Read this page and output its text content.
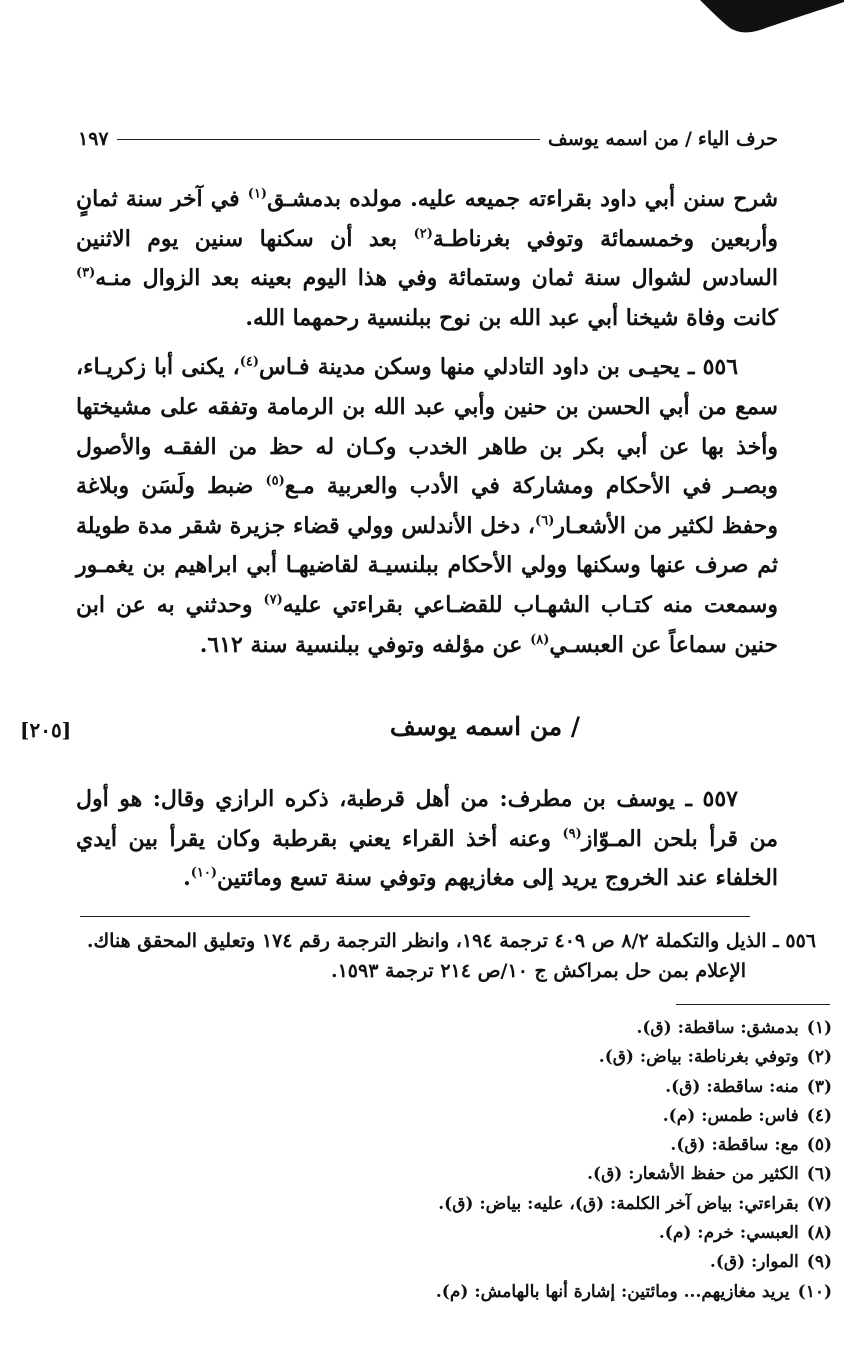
حرف الياء
/
من اسمه يوسف
١٩٧

شرح سنن أبي داود بقراءته جميعه عليه. مولده بدمشـق$^{(١)}$ في آخر سنة ثمانٍ وأربعين وخمسمائة وتوفي بغرناطـة$^{(٢)}$ بعد أن سكنها سنين يوم الاثنين السادس لشوال سنة ثمان وستمائة وفي هذا اليوم بعينه بعد الزوال منـه$^{(٣)}$ كانت وفاة شيخنا أبي عبد الله بن نوح ببلنسية رحمهما الله.

٥٥٦ ـ يحيـى بن داود التادلي منها وسكن مدينة فـاس$^{(٤)}$، يكنى أبا زكريـاء، سمع من أبي الحسن بن حنين وأبي عبد الله بن الرمامة وتفقه على مشيختها وأخذ بها عن أبي بكر بن طاهر الخدب وكـان له حظ من الفقـه والأصول وبصـر في الأحكام ومشاركة في الأدب والعربية مـع$^{(٥)}$ ضبط ولَسَن وبلاغة وحفظ لكثير من الأشعـار$^{(٦)}$، دخل الأندلس وولي قضاء جزيرة شقر مدة طويلة ثم صرف عنها وسكنها وولي الأحكام ببلنسيـة لقاضيهـا أبي ابراهيم بن يغمـور وسمعت منه كتـاب الشهـاب للقضـاعي بقراءتي عليه$^{(٧)}$ وحدثني به عن ابن حنين سماعاً عن العبسـي$^{(٨)}$ عن مؤلفه وتوفي ببلنسية سنة ٦١٢.

/ من اسمه يوسف
[٢٠٥]

٥٥٧ ـ يوسف بن مطرف: من أهل قرطبة، ذكره الرازي وقال: هو أول من قرأ بلحن المـوّاز$^{(٩)}$ وعنه أخذ القراء يعني بقرطبة وكان يقرأ بين أيدي الخلفاء عند الخروج يريد إلى مغازيهم وتوفي سنة تسع ومائتين$^{(١٠)}$.

٥٥٦ ـ الذيل والتكملة ٨/٢ ص ٤٠٩ ترجمة ١٩٤، وانظر الترجمة رقم ١٧٤ وتعليق المحقق هناك.

الإعلام بمن حل بمراكش ج ١٠/ص ٢١٤ ترجمة ١٥٩٣.

(١)بدمشق: ساقطة: (ق).
(٢)وتوفي بغرناطة: بياض: (ق).
(٣)منه: ساقطة: (ق).
(٤)فاس: طمس: (م).
(٥)مع: ساقطة: (ق).
(٦)الكثير من حفظ الأشعار: (ق).
(٧)بقراءتي: بياض آخر الكلمة: (ق)، عليه: بياض: (ق).
(٨)العبسي: خرم: (م).
(٩)الموار: (ق).
(١٠)يريد مغازيهم... ومائتين: إشارة أنها بالهامش: (م).
